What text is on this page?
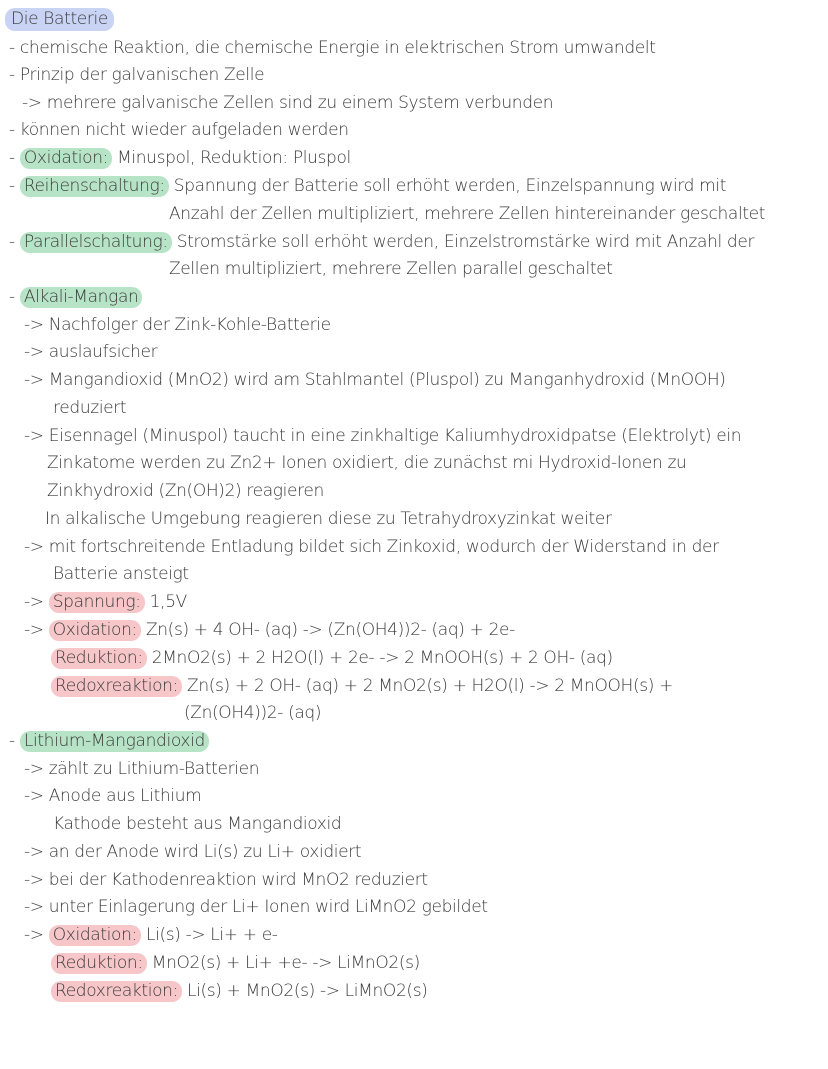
Die Batterie
- chemische Reaktion, die chemische Energie in elektrischen Strom umwandelt
- Prinzip der galvanischen Zelle
-> mehrere galvanische Zellen sind zu einem System verbunden
- können nicht wieder aufgeladen werden
- Oxidation: Minuspol, Reduktion: Pluspol
- Reihenschaltung: Spannung der Batterie soll erhöht werden, Einzelspannung wird mit
Anzahl der Zellen multipliziert, mehrere Zellen hintereinander geschaltet
- Parallelschaltung: Stromstärke soll erhöht werden, Einzelstromstärke wird mit Anzahl der
Zellen multipliziert, mehrere Zellen parallel geschaltet
- Alkali-Mangan
-> Nachfolger der Zink-Kohle-Batterie
-> auslaufsicher
-> Mangandioxid (MnO2) wird am Stahlmantel (Pluspol) zu Manganhydroxid (MnOOH)
reduziert
-> Eisennagel (Minuspol) taucht in eine zinkhaltige Kaliumhydroxidpatse (Elektrolyt) ein
Zinkatome werden zu Zn2+ Ionen oxidiert, die zunächst mi Hydroxid-Ionen zu
Zinkhydroxid (Zn(OH)2) reagieren
In alkalische Umgebung reagieren diese zu Tetrahydroxyzinkat weiter
-> mit fortschreitende Entladung bildet sich Zinkoxid, wodurch der Widerstand in der
Batterie ansteigt
-> Spannung: 1,5V
-> Oxidation: Zn(s) + 4 OH- (aq) -> (Zn(OH4))2- (aq) + 2e-
Reduktion: 2MnO2(s) + 2 H2O(l) + 2e- -> 2 MnOOH(s) + 2 OH- (aq)
Redoxreaktion: Zn(s) + 2 OH- (aq) + 2 MnO2(s) + H2O(l) -> 2 MnOOH(s) +
(Zn(OH4))2- (aq)
- Lithium-Mangandioxid
-> zählt zu Lithium-Batterien
-> Anode aus Lithium
Kathode besteht aus Mangandioxid
-> an der Anode wird Li(s) zu Li+ oxidiert
-> bei der Kathodenreaktion wird MnO2 reduziert
-> unter Einlagerung der Li+ Ionen wird LiMnO2 gebildet
-> Oxidation: Li(s) -> Li+ + e-
Reduktion: MnO2(s) + Li+ +e- -> LiMnO2(s)
Redoxreaktion: Li(s) + MnO2(s) -> LiMnO2(s)
